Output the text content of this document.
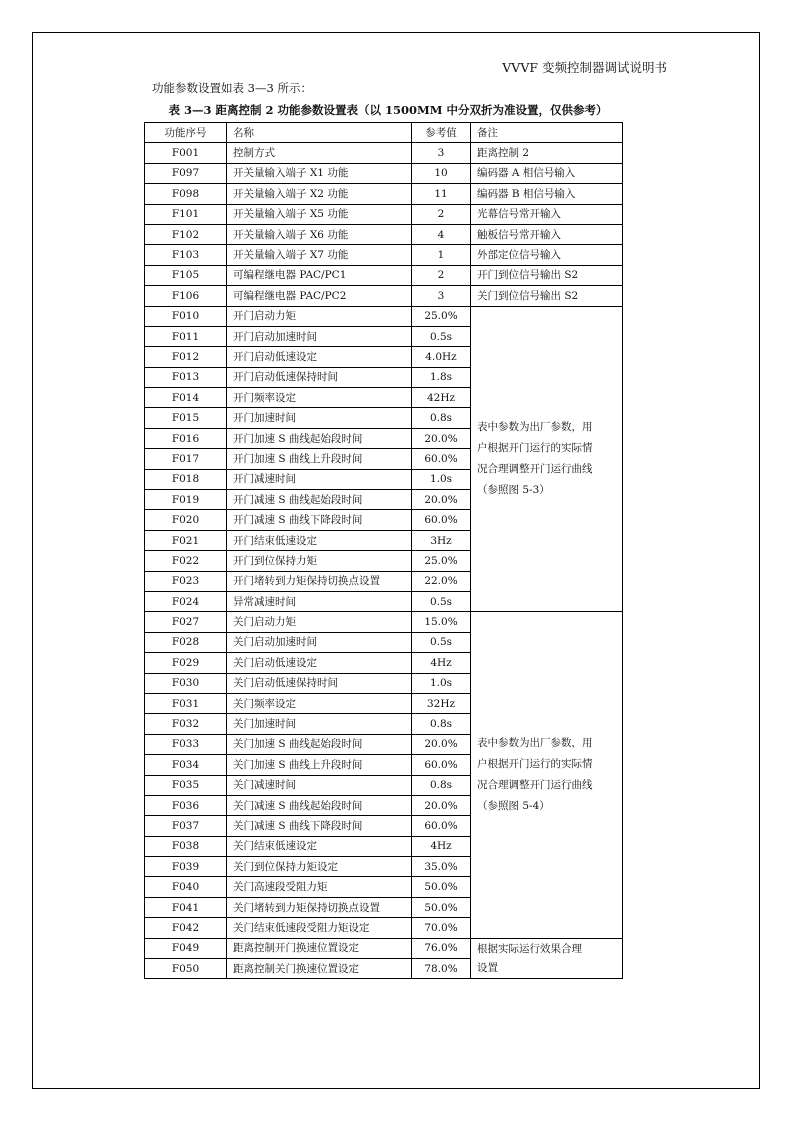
VVVF 变频控制器调试说明书
功能参数设置如表 3—3 所示：
表 3—3 距离控制 2 功能参数设置表（以 1500MM 中分双折为准设置，仅供参考）
功能序号	名称	参考值	备注
F001	控制方式	3	距离控制 2
F097	开关量输入端子 X1 功能	10	编码器 A 相信号输入
F098	开关量输入端子 X2 功能	11	编码器 B 相信号输入
F101	开关量输入端子 X5 功能	2	光幕信号常开输入
F102	开关量输入端子 X6 功能	4	触板信号常开输入
F103	开关量输入端子 X7 功能	1	外部定位信号输入
F105	可编程继电器 PAC/PC1	2	开门到位信号输出 S2
F106	可编程继电器 PAC/PC2	3	关门到位信号输出 S2
F010	开门启动力矩	25.0%	表中参数为出厂参数，用
户根据开门运行的实际情
况合理调整开门运行曲线
（参照图 5-3）

F011	开门启动加速时间	0.5s	
F012	开门启动低速设定	4.0Hz	
F013	开门启动低速保持时间	1.8s	
F014	开门频率设定	42Hz	
F015	开门加速时间	0.8s	
F016	开门加速 S 曲线起始段时间	20.0%	
F017	开门加速 S 曲线上升段时间	60.0%	
F018	开门减速时间	1.0s	
F019	开门减速 S 曲线起始段时间	20.0%	
F020	开门减速 S 曲线下降段时间	60.0%	
F021	开门结束低速设定	3Hz	
F022	开门到位保持力矩	25.0%	
F023	开门堵转到力矩保持切换点设置	22.0%	
F024	异常减速时间	0.5s	
F027	关门启动力矩	15.0%	表中参数为出厂参数，用
户根据开门运行的实际情
况合理调整开门运行曲线
（参照图 5-4）

F028	关门启动加速时间	0.5s	
F029	关门启动低速设定	4Hz	
F030	关门启动低速保持时间	1.0s	
F031	关门频率设定	32Hz	
F032	关门加速时间	0.8s	
F033	关门加速 S 曲线起始段时间	20.0%	
F034	关门加速 S 曲线上升段时间	60.0%	
F035	关门减速时间	0.8s	
F036	关门减速 S 曲线起始段时间	20.0%	
F037	关门减速 S 曲线下降段时间	60.0%	
F038	关门结束低速设定	4Hz	
F039	关门到位保持力矩设定	35.0%	
F040	关门高速段受阻力矩	50.0%	
F041	关门堵转到力矩保持切换点设置	50.0%	
F042	关门结束低速段受阻力矩设定	70.0%	
F049	距离控制开门换速位置设定	76.0%	根据实际运行效果合理
设置

F050	距离控制关门换速位置设定	78.0%	
